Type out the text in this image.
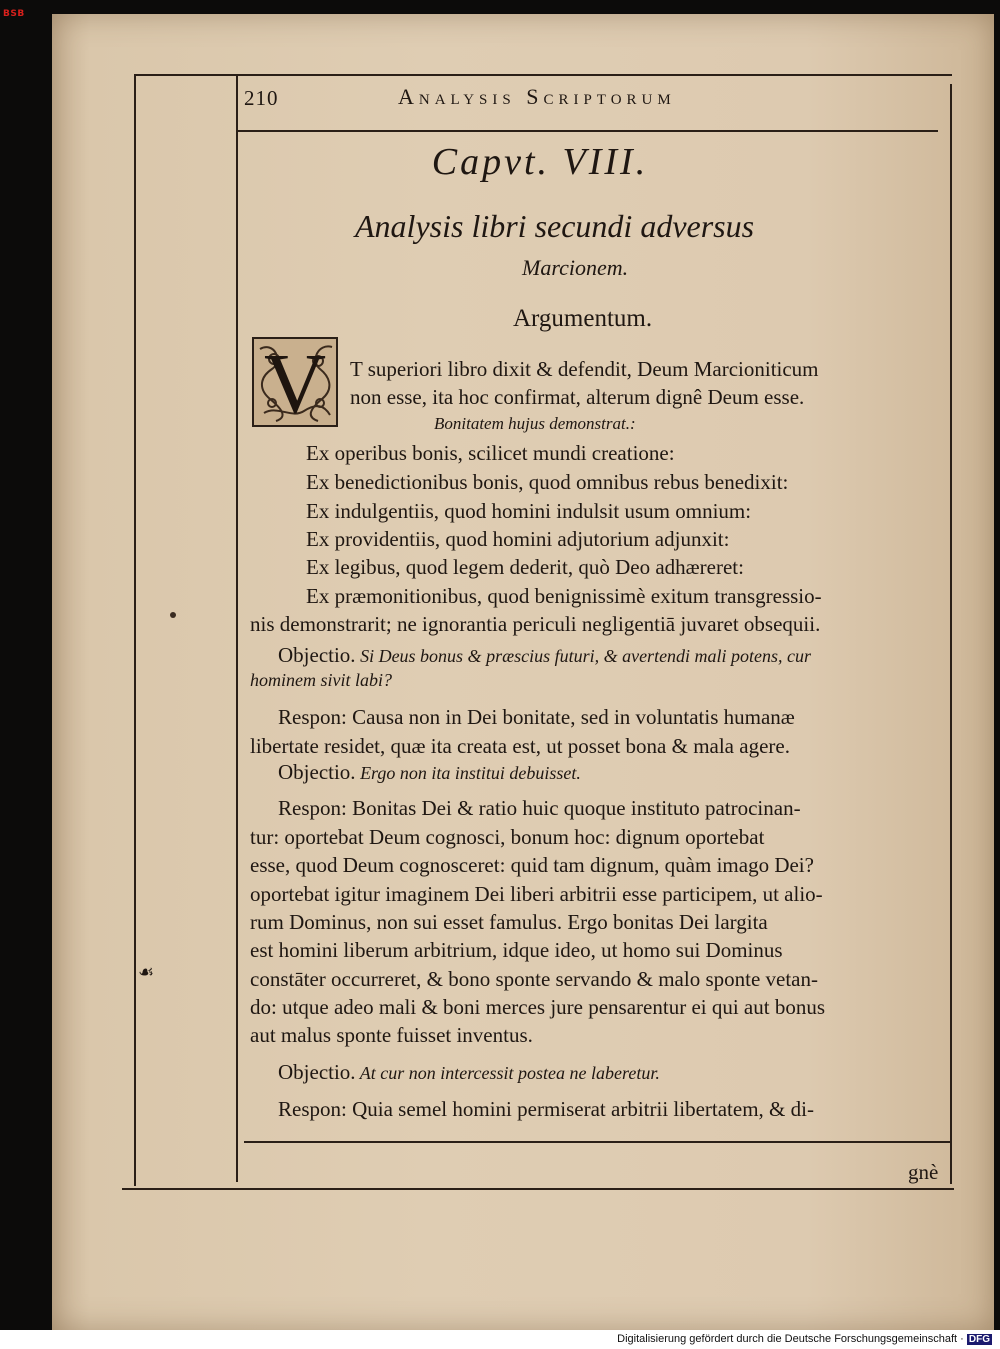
BSB
210	Analysis Scriptorum
Capvt. VIII.
Analysis libri secundi adversus
Marcionem.
Argumentum.
V	T superiori libro dixit & defendit, Deum Marcioniticum
non esse, ita hoc confirmat, alterum dignê Deum esse.
Bonitatem hujus demonstrat.:
Ex operibus bonis, scilicet mundi creatione:
Ex benedictionibus bonis, quod omnibus rebus benedixit:
Ex indulgentiis, quod homini indulsit usum omnium:
Ex providentiis, quod homini adjutorium adjunxit:
Ex legibus, quod legem dederit, quò Deo adhæreret:
Ex præmonitionibus, quod benignissimè exitum transgressio-
nis demonstrarit; ne ignorantia periculi negligentiā juvaret obsequii.
Objectio. Si Deus bonus & præscius futuri, & avertendi mali potens, cur
hominem sivit labi?
Respon: Causa non in Dei bonitate, sed in voluntatis humanæ
libertate residet, quæ ita creata est, ut posset bona & mala agere.
Objectio. Ergo non ita institui debuisset.
Respon: Bonitas Dei & ratio huic quoque instituto patrocinan-
tur: oportebat Deum cognosci, bonum hoc: dignum oportebat
esse, quod Deum cognosceret: quid tam dignum, quàm imago Dei?
oportebat igitur imaginem Dei liberi arbitrii esse participem, ut alio-
rum Dominus, non sui esset famulus. Ergo bonitas Dei largita
est homini liberum arbitrium, idque ideo, ut homo sui Dominus
constāter occurreret, & bono sponte servando & malo sponte vetan-
do: utque adeo mali & boni merces jure pensarentur ei qui aut bonus
aut malus sponte fuisset inventus.
Objectio. At cur non intercessit postea ne laberetur.
Respon: Quia semel homini permiserat arbitrii libertatem, & di-
☙
gnè
Digitalisierung gefördert durch die Deutsche Forschungsgemeinschaft · DFG
